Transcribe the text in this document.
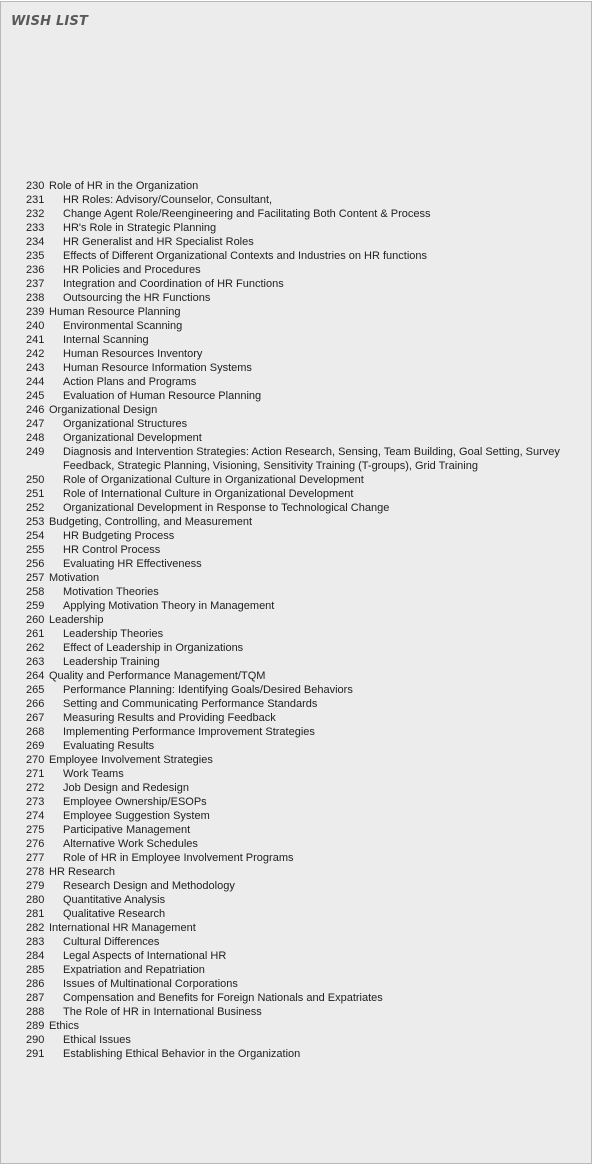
WISH LIST
230 Role of HR in the Organization
231	HR Roles: Advisory/Counselor, Consultant,
232	Change Agent Role/Reengineering and Facilitating Both Content & Process
233	HR's Role in Strategic Planning
234	HR Generalist and HR Specialist Roles
235	Effects of Different Organizational Contexts and Industries on HR functions
236	HR Policies and Procedures
237	Integration and Coordination of HR Functions
238	Outsourcing the HR Functions
239 Human Resource Planning
240	Environmental Scanning
241	Internal Scanning
242	Human Resources Inventory
243	Human Resource Information Systems
244	Action Plans and Programs
245	Evaluation of Human Resource Planning
246 Organizational Design
247	Organizational Structures
248	Organizational Development
249	Diagnosis and Intervention Strategies: Action Research, Sensing, Team Building, Goal Setting, Survey Feedback, Strategic Planning, Visioning, Sensitivity Training (T-groups), Grid Training
250	Role of Organizational Culture in Organizational Development
251	Role of International Culture in Organizational Development
252	Organizational Development in Response to Technological Change
253 Budgeting, Controlling, and Measurement
254	HR Budgeting Process
255	HR Control Process
256	Evaluating HR Effectiveness
257 Motivation
258	Motivation Theories
259	Applying Motivation Theory in Management
260 Leadership
261	Leadership Theories
262	Effect of Leadership in Organizations
263	Leadership Training
264 Quality and Performance Management/TQM
265	Performance Planning: Identifying Goals/Desired Behaviors
266	Setting and Communicating Performance Standards
267	Measuring Results and Providing Feedback
268	Implementing Performance Improvement Strategies
269	Evaluating Results
270 Employee Involvement Strategies
271	Work Teams
272	Job Design and Redesign
273	Employee Ownership/ESOPs
274	Employee Suggestion System
275	Participative Management
276	Alternative Work Schedules
277	Role of HR in Employee Involvement Programs
278 HR Research
279	Research Design and Methodology
280	Quantitative Analysis
281	Qualitative Research
282 International HR Management
283	Cultural Differences
284	Legal Aspects of International HR
285	Expatriation and Repatriation
286	Issues of Multinational Corporations
287	Compensation and Benefits for Foreign Nationals and Expatriates
288	The Role of HR in International Business
289 Ethics
290	Ethical Issues
291	Establishing Ethical Behavior in the Organization
